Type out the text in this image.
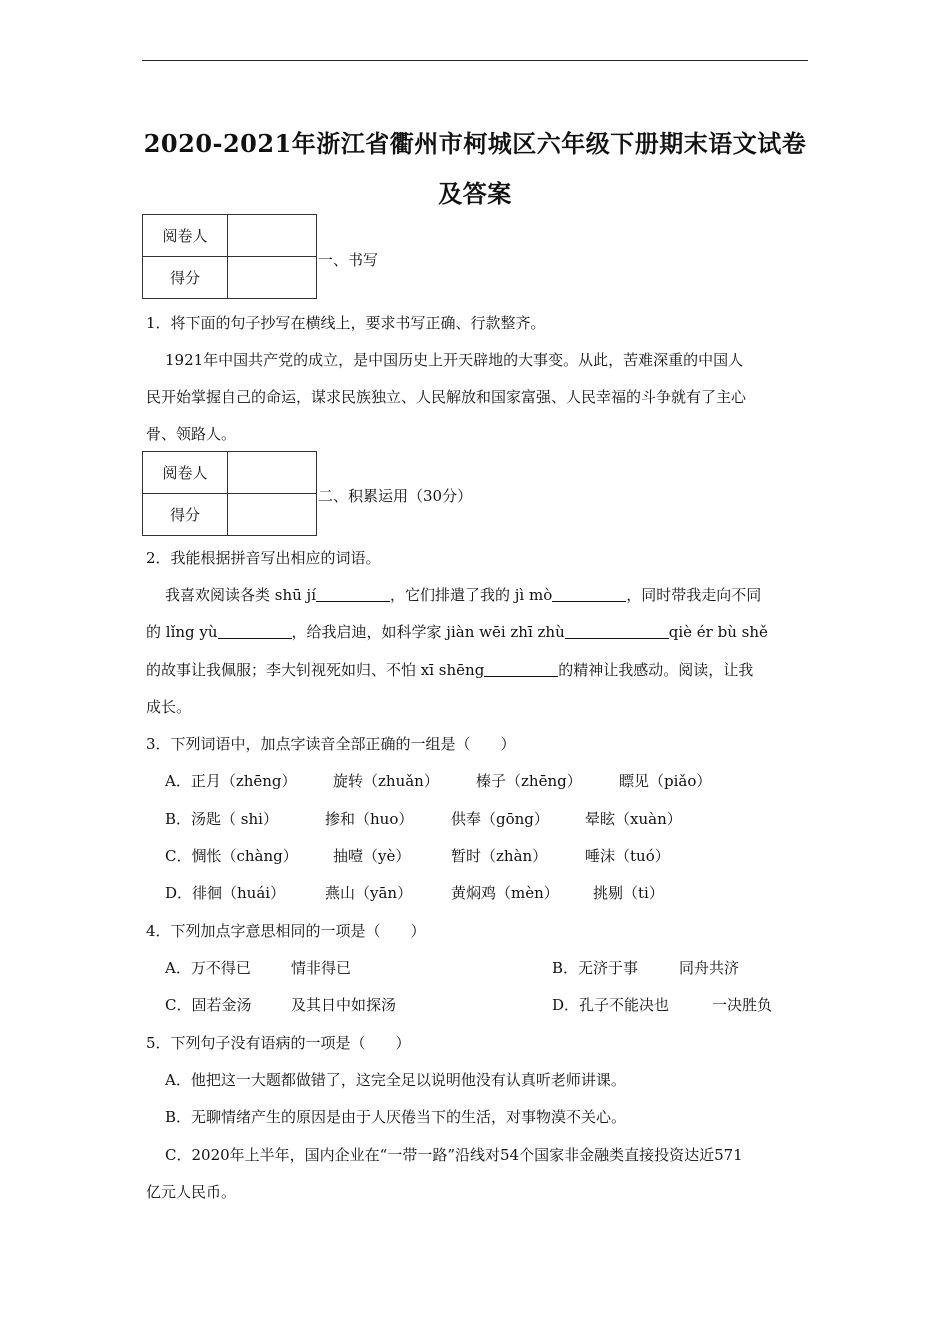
2020-2021年浙江省衢州市柯城区六年级下册期末语文试卷
及答案
阅卷人	
得分	
一、书写
1．将下面的句子抄写在横线上，要求书写正确、行款整齐。
1921年中国共产党的成立，是中国历史上开天辟地的大事变。从此，苦难深重的中国人
民开始掌握自己的命运，谋求民族独立、人民解放和国家富强、人民幸福的斗争就有了主心
骨、领路人。
阅卷人	
得分	
二、积累运用（30分）
2．我能根据拼音写出相应的词语。
我喜欢阅读各类 shū jí	，它们排遣了我的 jì mò	，同时带我走向不同
的 lǐng yù	，给我启迪，如科学家 jiàn wēi zhī zhù	qiè ér bù shě
的故事让我佩服；李大钊视死如归、不怕 xī shēng	的精神让我感动。阅读，让我
成长。
3．下列词语中，加点字读音全部正确的一组是（　　）
A．正月（zhēng） 旋转（zhuǎn） 榛子（zhēng） 瞟见（piǎo）
B．汤匙（ shi）	掺和（huo）	供奉（gōng） 晕眩（xuàn）
C．惆怅（chàng） 抽噎（yè）	暂时（zhàn）	唾沫（tuó）
D．徘徊（huái）	燕山（yān）	黄焖鸡（mèn） 挑剔（ti）
4．下列加点字意思相同的一项是（　　）
A．万不得已	情非得已	B．无济于事	同舟共济
C．固若金汤	及其日中如探汤	D．孔子不能决也	一决胜负
5．下列句子没有语病的一项是（　　）
A．他把这一大题都做错了，这完全足以说明他没有认真听老师讲课。
B．无聊情绪产生的原因是由于人厌倦当下的生活，对事物漠不关心。
C．2020年上半年，国内企业在“一带一路”沿线对54个国家非金融类直接投资达近571
亿元人民币。
